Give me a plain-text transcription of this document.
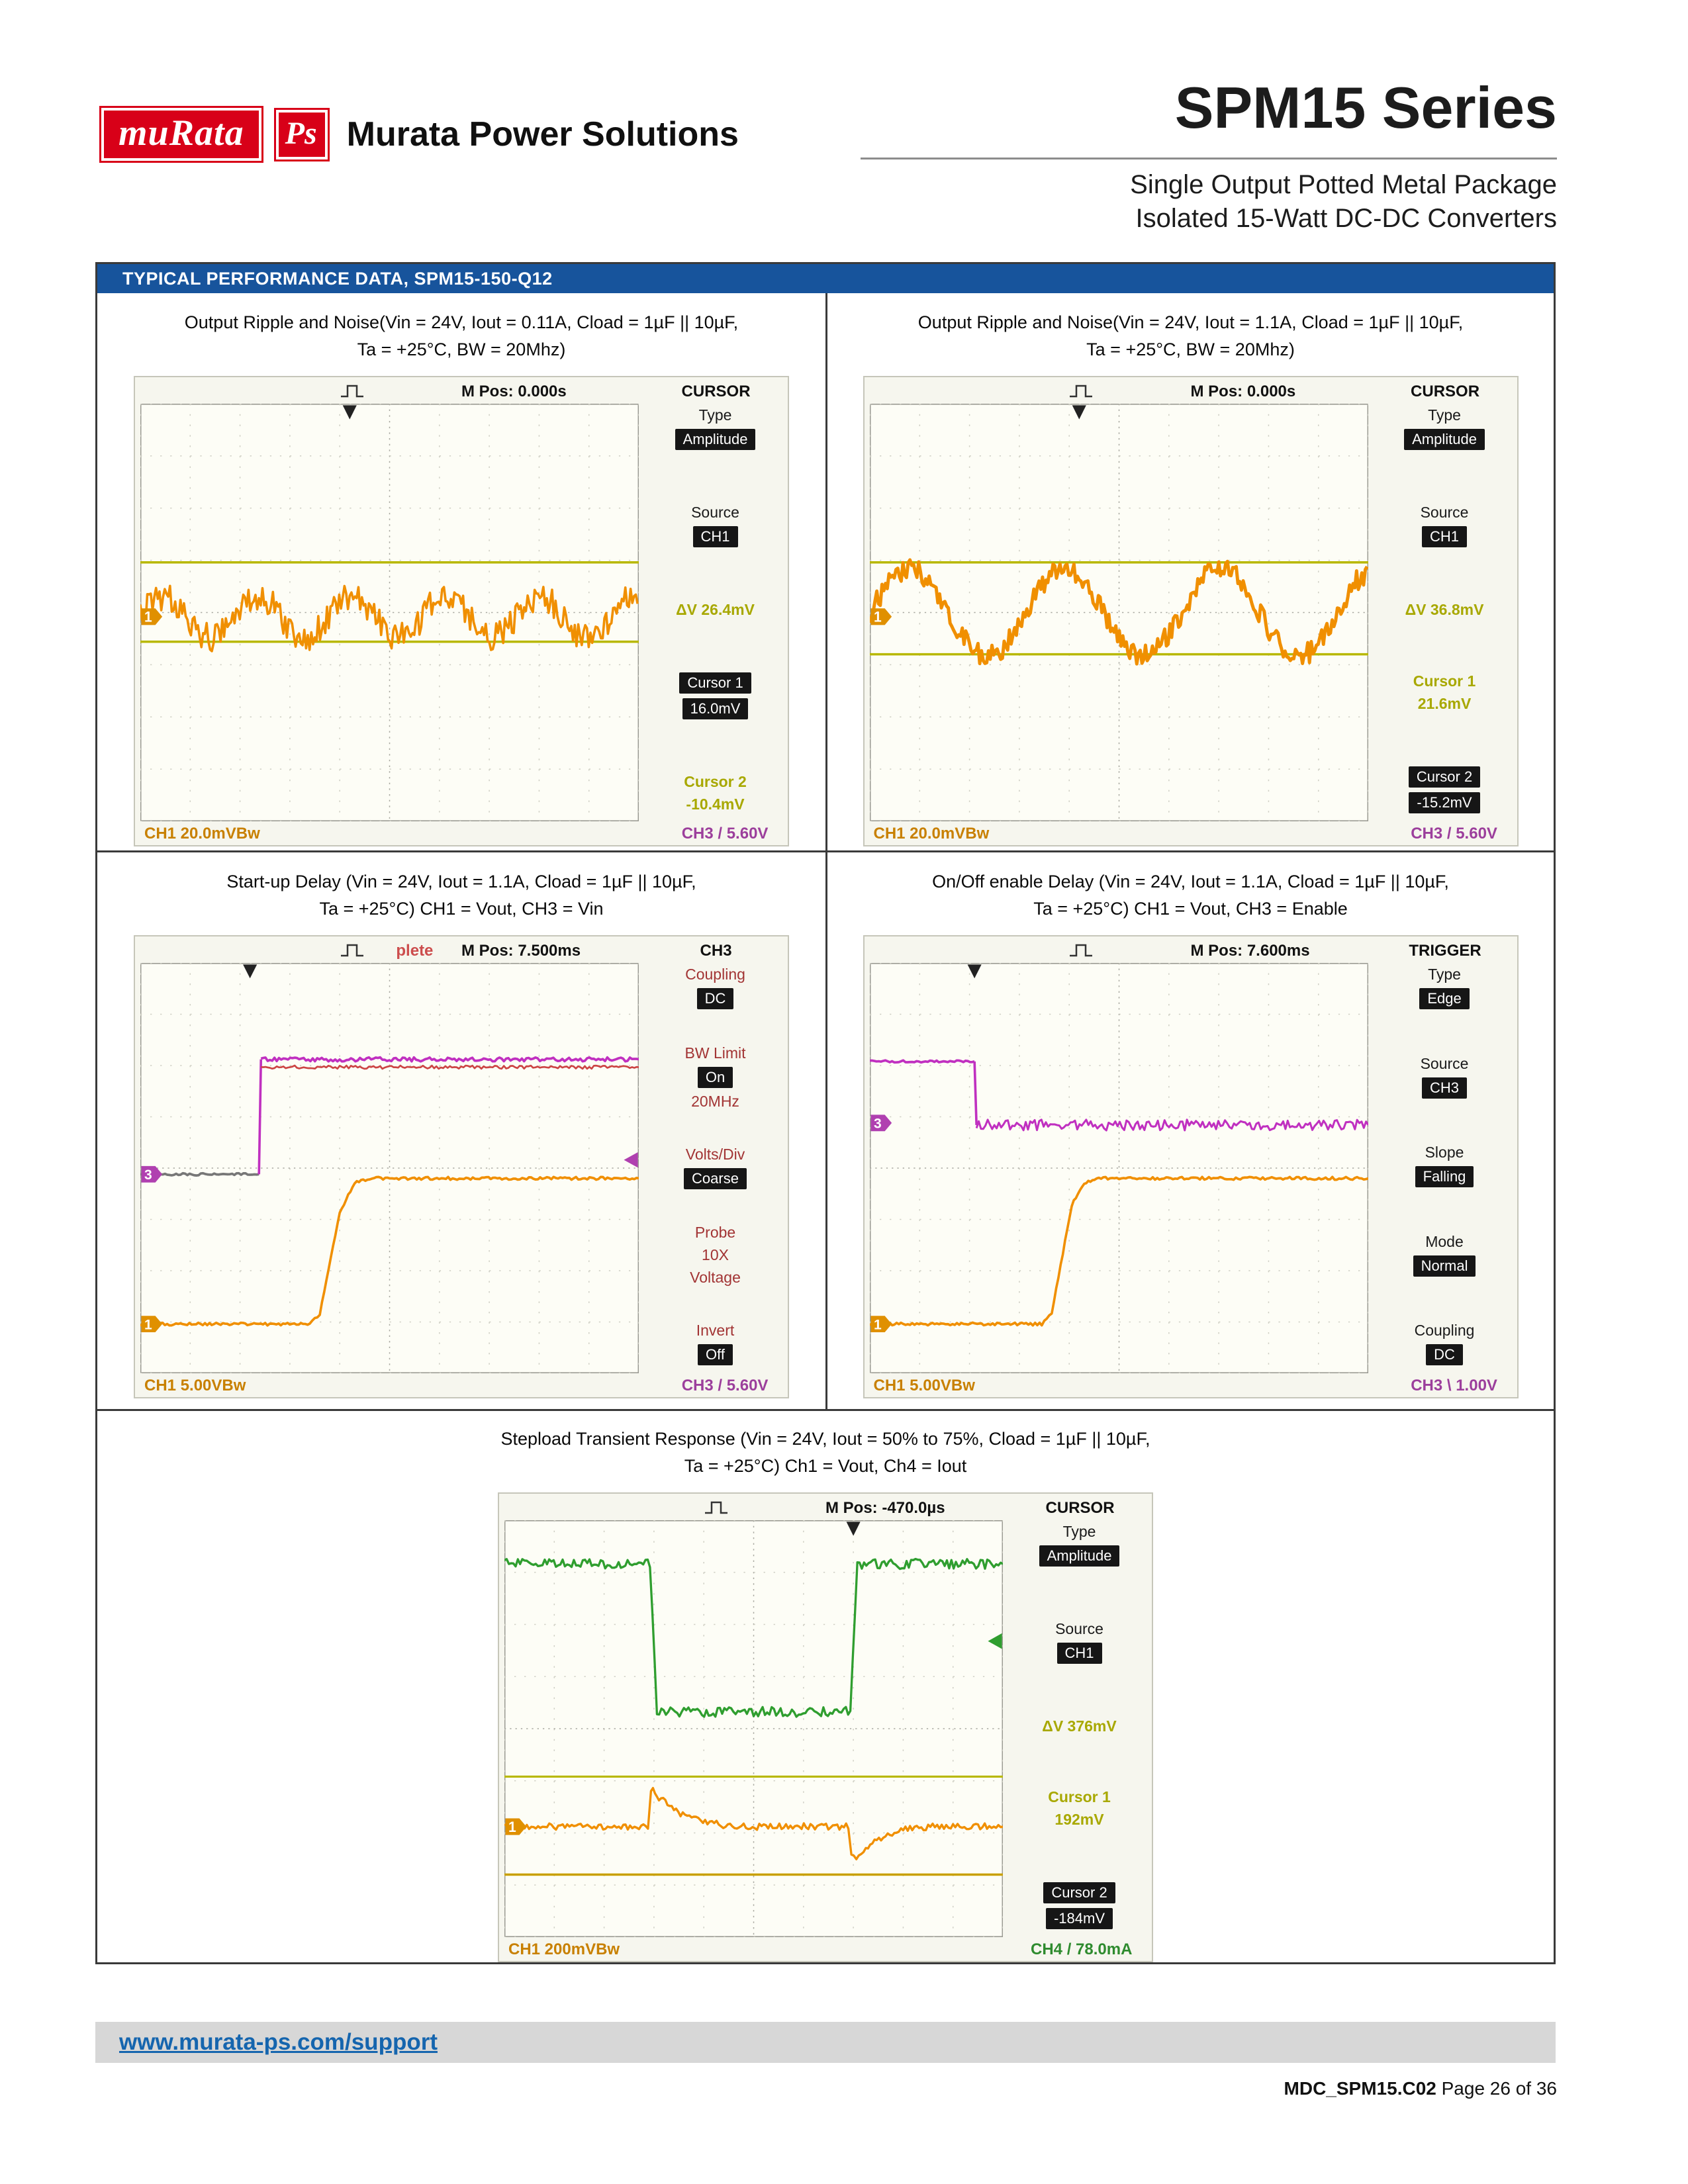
muRata	Ps Murata Power Solutions	SPM15 Series
Single Output Potted Metal Package
Isolated 15-Watt DC-DC Converters
TYPICAL PERFORMANCE DATA, SPM15-150-Q12
Output Ripple and Noise(Vin = 24V, Iout = 0.11A, Cload = 1µF || 10µF,
Ta = +25°C, BW = 20Mhz)
M Pos: 0.000s	CURSOR
1
Type
Amplitude
Source
CH1
ΔV 26.4mV
Cursor 1
16.0mV
Cursor 2
-10.4mV
CH1 20.0mVBw	CH3 / 5.60V
Output Ripple and Noise(Vin = 24V, Iout = 1.1A, Cload = 1µF || 10µF,
Ta = +25°C, BW = 20Mhz)
M Pos: 0.000s	CURSOR
1
Type
Amplitude
Source
CH1
ΔV 36.8mV
Cursor 1
21.6mV
Cursor 2
-15.2mV
CH1 20.0mVBw	CH3 / 5.60V
Start-up Delay (Vin = 24V, Iout = 1.1A, Cload = 1µF || 10µF,
Ta = +25°C) CH1 = Vout, CH3 = Vin
plete M Pos: 7.500ms	CH3
3
1
Coupling
DC
BW Limit
On
20MHz
Volts/Div
Coarse
Probe
10X
Voltage
Invert
Off
CH1 5.00VBw	CH3 / 5.60V
On/Off enable Delay (Vin = 24V, Iout = 1.1A, Cload = 1µF || 10µF,
Ta = +25°C) CH1 = Vout, CH3 = Enable
M Pos: 7.600ms	TRIGGER
3
1
Type
Edge
Source
CH3
Slope
Falling
Mode
Normal
Coupling
DC
CH1 5.00VBw	CH3 \ 1.00V
Stepload Transient Response (Vin = 24V, Iout = 50% to 75%, Cload = 1µF || 10µF,
Ta = +25°C) Ch1 = Vout, Ch4 = Iout
M Pos: -470.0µs	CURSOR
1
Type
Amplitude
Source
CH1
ΔV 376mV
Cursor 1
192mV
Cursor 2
-184mV
CH1 200mVBw	CH4 / 78.0mA
www.murata-ps.com/support
MDC_SPM15.C02 Page 26 of 36
